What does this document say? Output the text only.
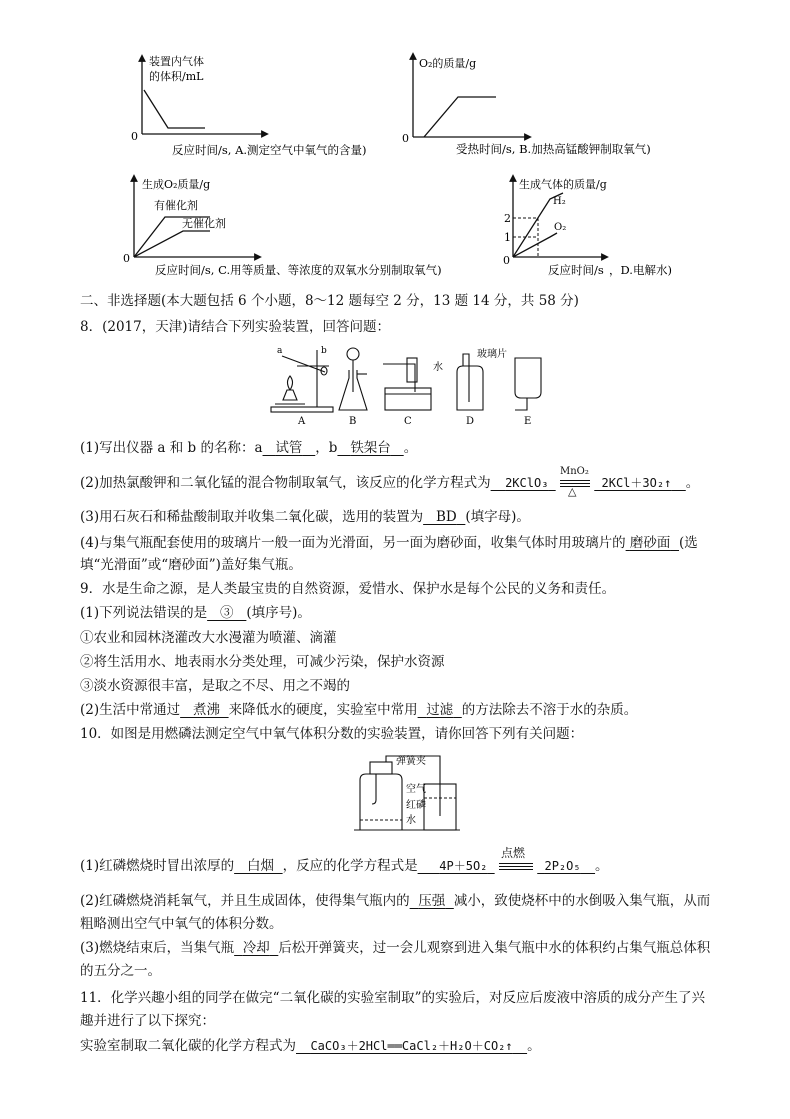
装置内气体
的体积/mL
0
反应时间/s, A.测定空气中氧气的含量)
O₂的质量/g
0
受热时间/s, B.加热高锰酸钾制取氧气)
生成O₂质量/g
有催化剂
无催化剂
0
反应时间/s, C.用等质量、等浓度的双氧水分别制取氧气)
生成气体的质量/g
H₂
O₂
2
1
0
反应时间/s ，D.电解水)
二、非选择题(本大题包括 6 个小题，8～12 题每空 2 分，13 题 14 分，共 58 分)
8．(2017，天津)请结合下列实验装置，回答问题：
a	b
A	B
水
C	D
玻璃片
E
(1)写出仪器 a 和 b 的名称：a 试管 ，b 铁架台 。
(2)加热氯酸钾和二氧化锰的混合物制取氧气，该反应的化学方程式为 2KClO₃
MnO₂
△
2KCl＋3O₂↑ 。
(3)用石灰石和稀盐酸制取并收集二氧化碳，选用的装置为 BD (填字母)。
(4)与集气瓶配套使用的玻璃片一般一面为光滑面，另一面为磨砂面，收集气体时用玻璃片的 磨砂面 (选
填“光滑面”或“磨砂面”)盖好集气瓶。
9．水是生命之源，是人类最宝贵的自然资源，爱惜水、保护水是每个公民的义务和责任。
(1)下列说法错误的是 ③ (填序号)。
①农业和园林浇灌改大水漫灌为喷灌、滴灌
②将生活用水、地表雨水分类处理，可减少污染，保护水资源
③淡水资源很丰富，是取之不尽、用之不竭的
(2)生活中常通过 煮沸 来降低水的硬度，实验室中常用 过滤 的方法除去不溶于水的杂质。
10．如图是用燃磷法测定空气中氧气体积分数的实验装置，请你回答下列有关问题：
弹簧夹
空气
红磷
水
(1)红磷燃烧时冒出浓厚的 白烟 ，反应的化学方程式是 4P＋5O₂
点燃
2P₂O₅ 。
(2)红磷燃烧消耗氧气，并且生成固体，使得集气瓶内的 压强 减小，致使烧杯中的水倒吸入集气瓶，从而
粗略测出空气中氧气的体积分数。
(3)燃烧结束后，当集气瓶 冷却 后松开弹簧夹，过一会儿观察到进入集气瓶中水的体积约占集气瓶总体积
的五分之一。
11．化学兴趣小组的同学在做完“二氧化碳的实验室制取”的实验后，对反应后废液中溶质的成分产生了兴
趣并进行了以下探究：
实验室制取二氧化碳的化学方程式为 CaCO₃＋2HCl══CaCl₂＋H₂O＋CO₂↑ 。
